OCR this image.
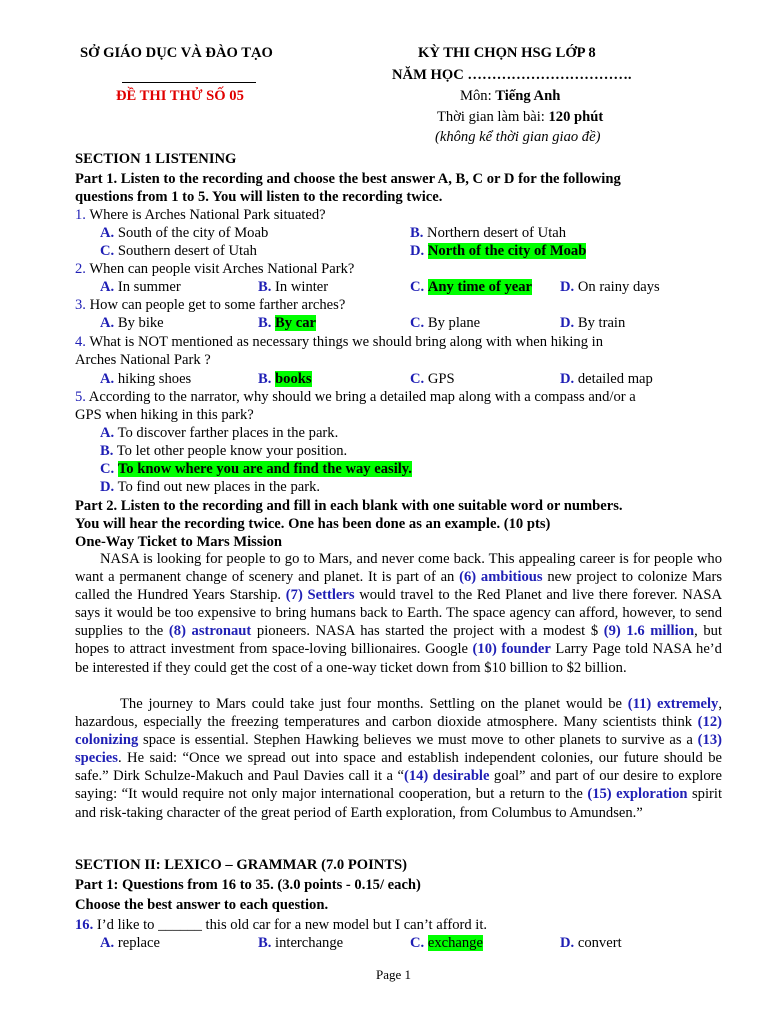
SỞ GIÁO DỤC VÀ ĐÀO TẠO
ĐỀ THI THỬ SỐ 05
KỲ THI CHỌN HSG LỚP 8
NĂM HỌC …………………………….
Môn: Tiếng Anh
Thời gian làm bài: 120 phút
(không kể thời gian giao đề)
SECTION 1 LISTENING
Part 1. Listen to the recording and choose the best answer A, B, C or D for the following
questions from 1 to 5. You will listen to the recording twice.
1. Where is Arches National Park situated?
A. South of the city of Moab	B. Northern desert of Utah
C. Southern desert of Utah	D. North of the city of Moab
2. When can people visit Arches National Park?
A. In summer	B. In winter	C. Any time of year D. On rainy days
3. How can people get to some farther arches?
A. By bike	B. By car	C. By plane	D. By train
4. What is NOT mentioned as necessary things we should bring along with when hiking in
Arches National Park ?
A. hiking shoes	B. books	C. GPS	D. detailed map
5. According to the narrator, why should we bring a detailed map along with a compass and/or a
GPS when hiking in this park?
A. To discover farther places in the park.
B. To let other people know your position.
C. To know where you are and find the way easily.
D. To find out new places in the park.
Part 2. Listen to the recording and fill in each blank with one suitable word or numbers.
You will hear the recording twice. One has been done as an example. (10 pts)
One-Way Ticket to Mars Mission
NASA is looking for people to go to Mars, and never come back. This appealing career is for people who want a permanent change of scenery and planet. It is part of an (6) ambitious new project to colonize Mars called the Hundred Years Starship. (7) Settlers would travel to the Red Planet and live there forever. NASA says it would be too expensive to bring humans back to Earth. The space agency can afford, however, to send supplies to the (8) astronaut pioneers. NASA has started the project with a modest $ (9) 1.6 million, but hopes to attract investment from space-loving billionaires. Google (10) founder Larry Page told NASA he’d be interested if they could get the cost of a one-way ticket down from $10 billion to $2 billion.
The journey to Mars could take just four months. Settling on the planet would be (11) extremely, hazardous, especially the freezing temperatures and carbon dioxide atmosphere. Many scientists think (12) colonizing space is essential. Stephen Hawking believes we must move to other planets to survive as a (13) species. He said: “Once we spread out into space and establish independent colonies, our future should be safe.” Dirk Schulze-Makuch and Paul Davies call it a “(14) desirable goal” and part of our desire to explore saying: “It would require not only major international cooperation, but a return to the (15) exploration spirit and risk-taking character of the great period of Earth exploration, from Columbus to Amundsen.”
SECTION II: LEXICO – GRAMMAR (7.0 POINTS)
Part 1: Questions from 16 to 35. (3.0 points - 0.15/ each)
Choose the best answer to each question.
16. I’d like to ______ this old car for a new model but I can’t afford it.
A. replace	B. interchange	C. exchange	D. convert
Page 1
